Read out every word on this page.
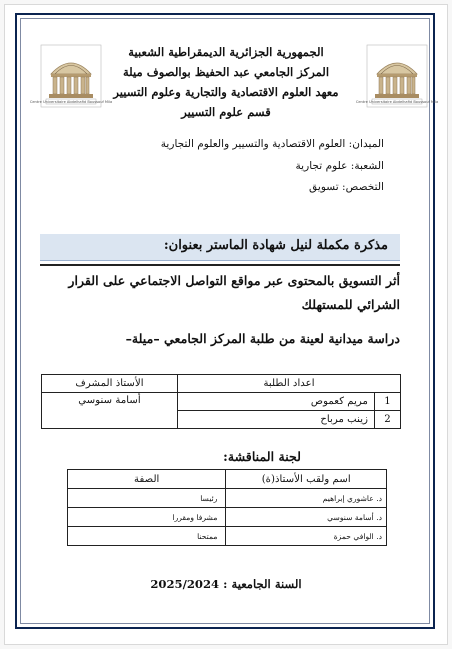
Centre Universitaire Abdelhafid Boussouf Mila	Centre Universitaire Abdelhafid Boussouf Mila
الجمهورية الجزائرية الديمقراطية الشعبية
المركز الجامعي عبد الحفيظ بوالصوف ميلة
معهد العلوم الاقتصادية والتجارية وعلوم التسيير
قسم علوم التسيير
الميدان: العلوم الاقتصادية والتسيير والعلوم التجارية
الشعبة: علوم تجارية
التخصص: تسويق
مذكرة مكملة لنيل شهادة الماستر بعنوان:
أثر التسويق بالمحتوى عبر مواقع التواصل الاجتماعي على القرار
الشرائي للمستهلك
دراسة ميدانية لعينة من طلبة المركز الجامعي –ميلة–
اعداد الطلبة		الأستاذ المشرف
1	مريم كعموص	أسامة سنوسي
2	زينب مرباح	
لجنة المناقشة:
اسم ولقب الأستاذ(ة)	الصفة
د. عاشوري إبراهيم	رئيسا
د. أسامة سنوسي	مشرفا ومقررا
د. الوافي حمزة	ممتحنا
السنة الجامعية : 2025/2024
